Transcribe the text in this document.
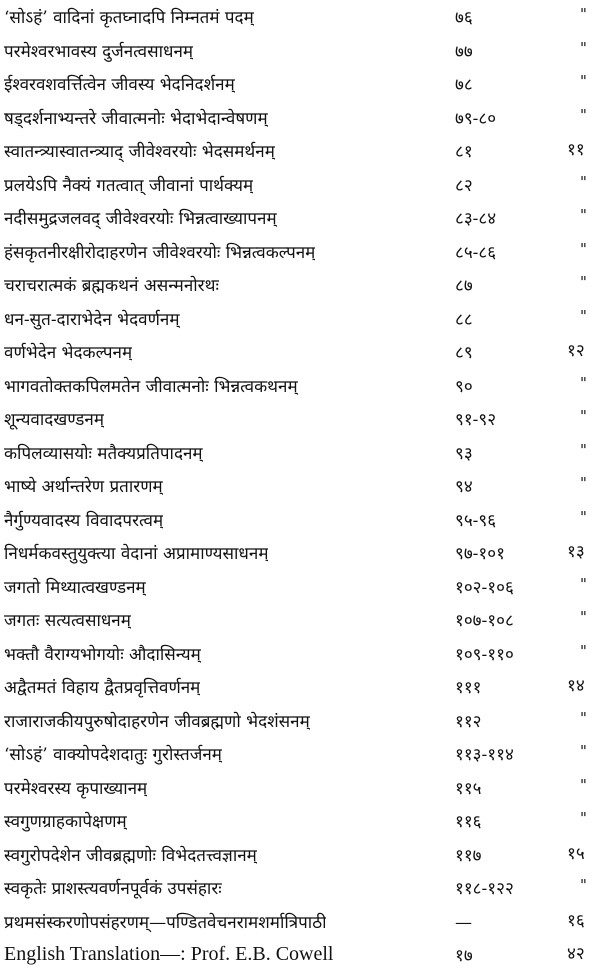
‘सोऽहं’ वादिनां कृतघ्नादपि निम्नतमं पदम्	७६	"
परमेश्वरभावस्य दुर्जनत्वसाधनम्	७७	"
ईश्वरवशवर्त्तित्वेन जीवस्य भेदनिदर्शनम्	७८	"
षड्दर्शनाभ्यन्तरे जीवात्मनोः भेदाभेदान्वेषणम्	७९-८०	"
स्वातन्त्र्यास्वातन्त्र्याद् जीवेश्वरयोः भेदसमर्थनम्	८१	११
प्रलयेऽपि नैक्यं गतत्वात् जीवानां पार्थक्यम्	८२	"
नदीसमुद्रजलवद् जीवेश्वरयोः भिन्नत्वाख्यापनम्	८३-८४	"
हंसकृतनीरक्षीरोदाहरणेन जीवेश्वरयोः भिन्नत्वकल्पनम्	८५-८६	"
चराचरात्मकं ब्रह्मकथनं असन्मनोरथः	८७	"
धन-सुत-दाराभेदेन भेदवर्णनम्	८८	"
वर्णभेदेन भेदकल्पनम्	८९	१२
भागवतोक्तकपिलमतेन जीवात्मनोः भिन्नत्वकथनम्	९०	"
शून्यवादखण्डनम्	९१-९२	"
कपिलव्यासयोः मतैक्यप्रतिपादनम्	९३	"
भाष्ये अर्थान्तरेण प्रतारणम्	९४	"
नैर्गुण्यवादस्य विवादपरत्वम्	९५-९६	"
निधर्मकवस्तुयुक्त्या वेदानां अप्रामाण्यसाधनम्	९७-१०१	१३
जगतो मिथ्यात्वखण्डनम्	१०२-१०६	"
जगतः सत्यत्वसाधनम्	१०७-१०८	"
भक्तौ वैराग्यभोगयोः औदासिन्यम्	१०९-११०	"
अद्वैतमतं विहाय द्वैतप्रवृत्तिवर्णनम्	१११	१४
राजाराजकीयपुरुषोदाहरणेन जीवब्रह्मणो भेदशंसनम्	११२	"
‘सोऽहं’ वाक्योपदेशदातुः गुरोस्तर्जनम्	११३-११४	"
परमेश्वरस्य कृपाख्यानम्	११५	"
स्वगुणग्राहकापेक्षणम्	११६	"
स्वगुरोपदेशेन जीवब्रह्मणोः विभेदतत्त्वज्ञानम्	११७	१५
स्वकृतेः प्राशस्त्यवर्णनपूर्वकं उपसंहारः	११८-१२२	"
प्रथमसंस्करणोपसंहरणम्—पण्डितवेचनरामशर्मात्रिपाठी	—	१६
English Translation—: Prof. E.B. Cowell	१७	४२
